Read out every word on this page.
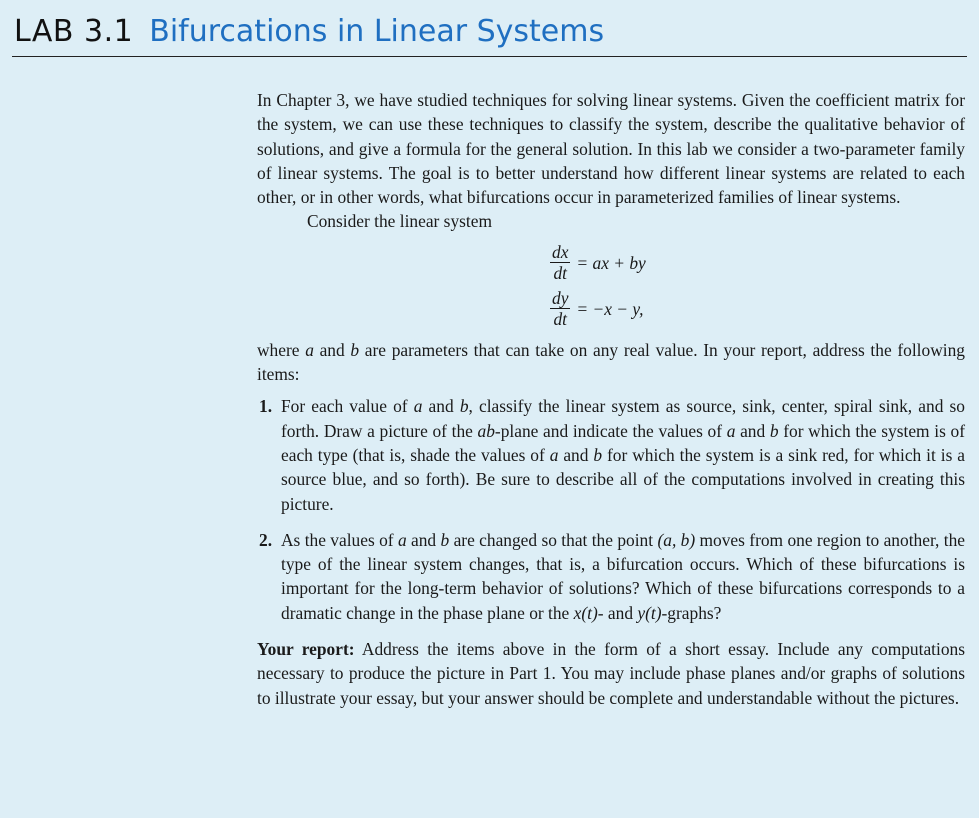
LAB 3.1 Bifurcations in Linear Systems

In Chapter 3, we have studied techniques for solving linear systems. Given the coefficient matrix for the system, we can use these techniques to classify the system, describe the qualitative behavior of solutions, and give a formula for the general solution. In this lab we consider a two-parameter family of linear systems. The goal is to better understand how different linear systems are related to each other, or in other words, what bifurcations occur in parameterized families of linear systems.

Consider the linear system

$\frac{dx}{dt}$ = ax + by
$\frac{dy}{dt} = -x - y$,

where a and b are parameters that can take on any real value. In your report, address the following items:

1. For each value of a and b, classify the linear system as source, sink, center, spiral sink, and so forth. Draw a picture of the ab-plane and indicate the values of a and b for which the system is of each type (that is, shade the values of a and b for which the system is a sink red, for which it is a source blue, and so forth). Be sure to describe all of the computations involved in creating this picture.
2. As the values of a and b are changed so that the point (a, b) moves from one region to another, the type of the linear system changes, that is, a bifurcation occurs. Which of these bifurcations is important for the long-term behavior of solutions? Which of these bifurcations corresponds to a dramatic change in the phase plane or the x(t)- and y(t)-graphs?

Your report: Address the items above in the form of a short essay. Include any computations necessary to produce the picture in Part 1. You may include phase planes and/or graphs of solutions to illustrate your essay, but your answer should be complete and understandable without the pictures.
